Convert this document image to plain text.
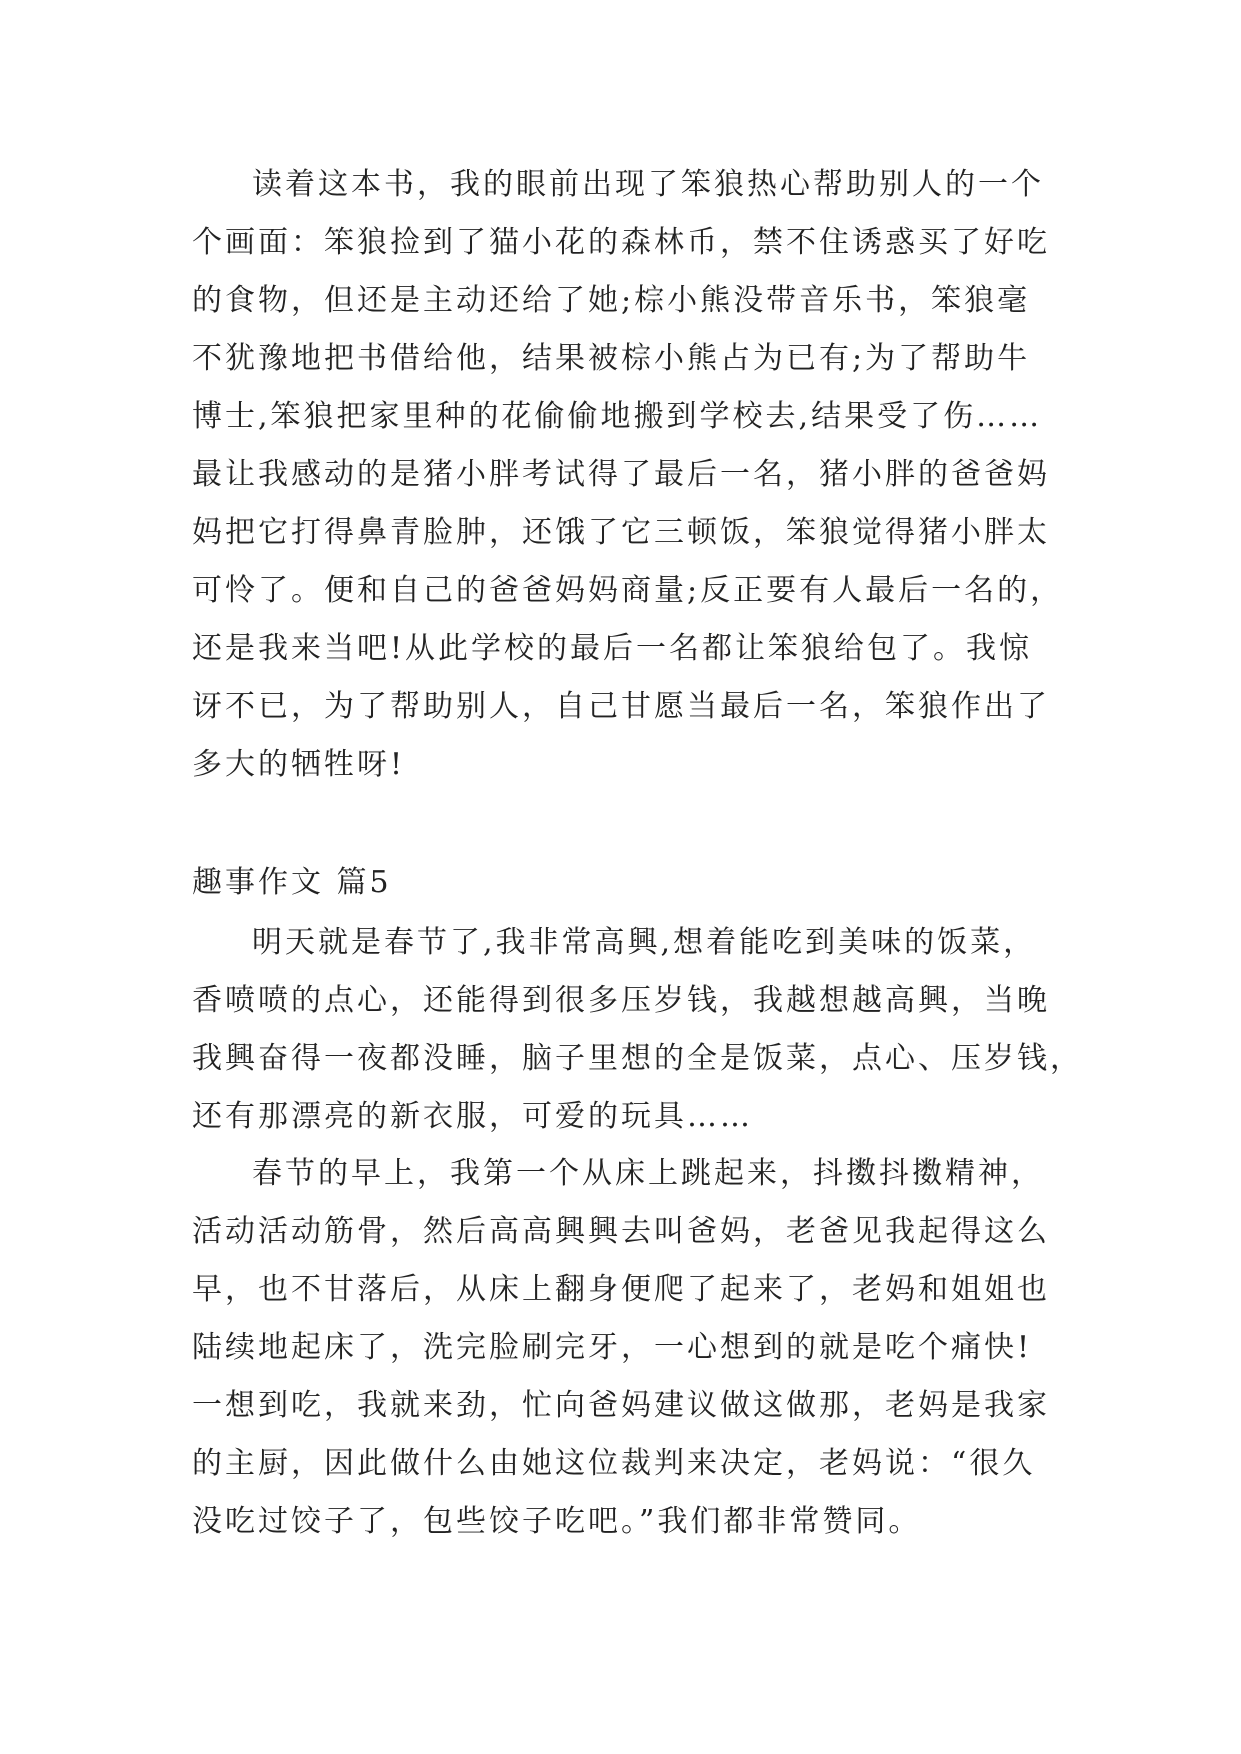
读着这本书，我的眼前出现了笨狼热心帮助别人的一个
个画面：笨狼捡到了猫小花的森林币，禁不住诱惑买了好吃
的食物，但还是主动还给了她;棕小熊没带音乐书，笨狼毫
不犹豫地把书借给他，结果被棕小熊占为已有;为了帮助牛
博士,笨狼把家里种的花偷偷地搬到学校去,结果受了伤……
最让我感动的是猪小胖考试得了最后一名，猪小胖的爸爸妈
妈把它打得鼻青脸肿，还饿了它三顿饭，笨狼觉得猪小胖太
可怜了。便和自己的爸爸妈妈商量;反正要有人最后一名的，
还是我来当吧!从此学校的最后一名都让笨狼给包了。我惊
讶不已，为了帮助别人，自己甘愿当最后一名，笨狼作出了
多大的牺牲呀!
趣事作文 篇5
明天就是春节了,我非常高興,想着能吃到美味的饭菜，
香喷喷的点心，还能得到很多压岁钱，我越想越高興，当晚
我興奋得一夜都没睡，脑子里想的全是饭菜，点心、压岁钱，
还有那漂亮的新衣服，可爱的玩具……
春节的早上，我第一个从床上跳起来，抖擞抖擞精神，
活动活动筋骨，然后高高興興去叫爸妈，老爸见我起得这么
早，也不甘落后，从床上翻身便爬了起来了，老妈和姐姐也
陆续地起床了，洗完脸刷完牙，一心想到的就是吃个痛快!
一想到吃，我就来劲，忙向爸妈建议做这做那，老妈是我家
的主厨，因此做什么由她这位裁判来决定，老妈说：“很久
没吃过饺子了，包些饺子吃吧。”我们都非常赞同。
